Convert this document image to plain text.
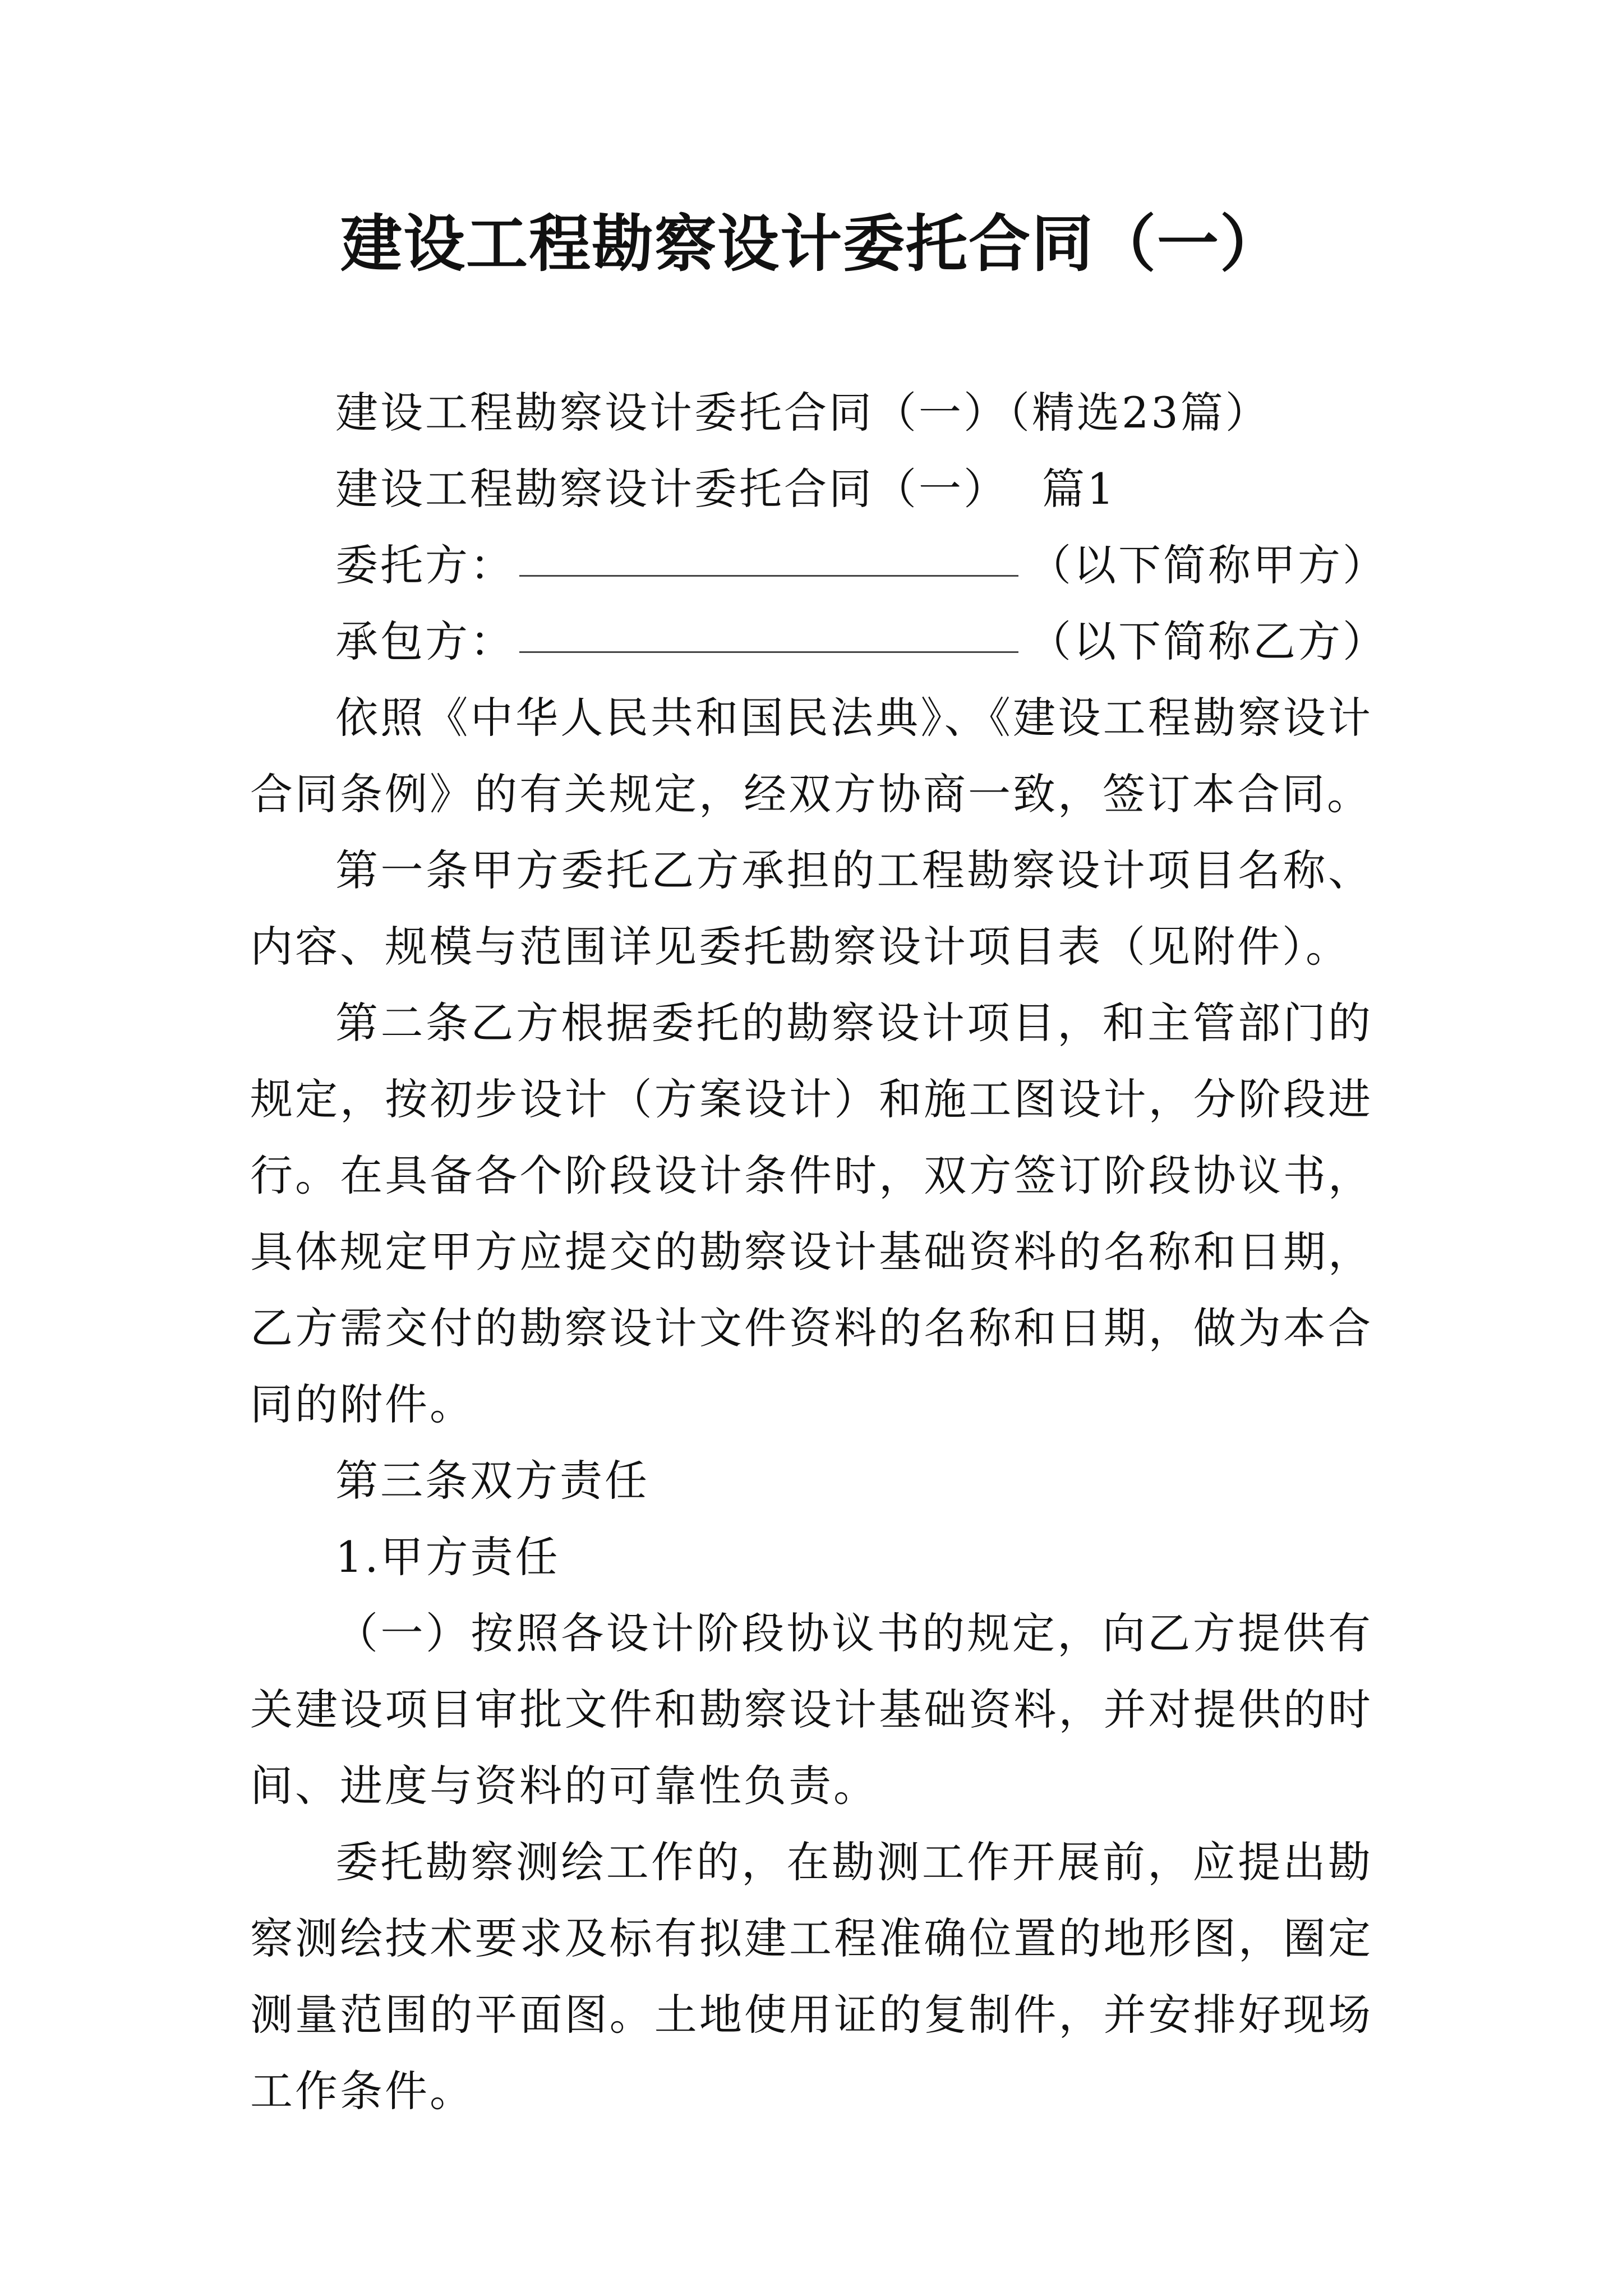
建设工程勘察设计委托合同（一）

建设工程勘察设计委托合同（一）（精选23篇）

建设工程勘察设计委托合同（一） 篇1

委托方：	（以下简称甲方）

承包方：	（以下简称乙方）

依照《中华人民共和国民法典》、《建设工程勘察设计合同条例》的有关规定，经双方协商一致，签订本合同。

第一条甲方委托乙方承担的工程勘察设计项目名称、内容、规模与范围详见委托勘察设计项目表（见附件）。

第二条乙方根据委托的勘察设计项目，和主管部门的规定，按初步设计（方案设计）和施工图设计，分阶段进行。在具备各个阶段设计条件时，双方签订阶段协议书，具体规定甲方应提交的勘察设计基础资料的名称和日期，乙方需交付的勘察设计文件资料的名称和日期，做为本合同的附件。

第三条双方责任

1.甲方责任

（一）按照各设计阶段协议书的规定，向乙方提供有关建设项目审批文件和勘察设计基础资料，并对提供的时间、进度与资料的可靠性负责。

委托勘察测绘工作的，在勘测工作开展前，应提出勘察测绘技术要求及标有拟建工程准确位置的地形图，圈定测量范围的平面图。土地使用证的复制件，并安排好现场工作条件。
